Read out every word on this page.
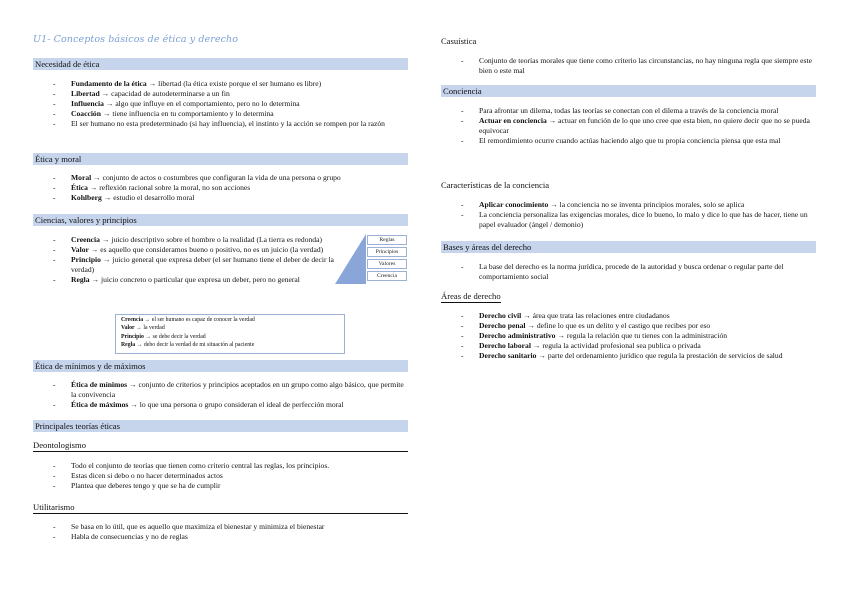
U1- Conceptos básicos de ética y derecho
Necesidad de ética
- Fundamento de la ética → libertad (la ética existe porque el ser humano es libre)
- Libertad → capacidad de autodeterminarse a un fin
- Influencia → algo que influye en el comportamiento, pero no lo determina
- Coacción → tiene influencia en tu comportamiento y lo determina
- El ser humano no esta predeterminado (si hay influencia), el instinto y la acción se rompen por la razón
Ética y moral
- Moral → conjunto de actos o costumbres que configuran la vida de una persona o grupo
- Ética → reflexión racional sobre la moral, no son acciones
- Kohlberg → estudio el desarrollo moral
Ciencias, valores y principios
- Creencia → juicio descriptivo sobre el hombre o la realidad (La tierra es redonda)
- Valor → es aquello que consideramos bueno o positivo, no es un juicio (la verdad)
- Principio → juicio general que expresa deber (el ser humano tiene el deber de decir la verdad)
- Regla → juicio concreto o particular que expresa un deber, pero no general
Reglas
Principios
Valores
Creencia
Creencia → el ser humano es capaz de conocer la verdad
Valor → la verdad
Principio → se debe decir la verdad
Regla → debo decir la verdad de mi situación al paciente
Ética de mínimos y de máximos
- Ética de mínimos → conjunto de criterios y principios aceptados en un grupo como algo básico, que permite la convivencia
- Ética de máximos → lo que una persona o grupo consideran el ideal de perfección moral
Principales teorías éticas
Deontologismo
- Todo el conjunto de teorías que tienen como criterio central las reglas, los principios.
- Estas dicen si debo o no hacer determinados actos
- Plantea que deberes tengo y que se ha de cumplir
Utilitarismo
- Se basa en lo útil, que es aquello que maximiza el bienestar y minimiza el bienestar
- Habla de consecuencias y no de reglas
Casuística
- Conjunto de teorías morales que tiene como criterio las circunstancias, no hay ninguna regla que siempre este bien o este mal
Conciencia
- Para afrontar un dilema, todas las teorías se conectan con el dilema a través de la conciencia moral
- Actuar en conciencia → actuar en función de lo que uno cree que esta bien, no quiere decir que no se pueda equivocar
- El remordimiento ocurre cuando actúas haciendo algo que tu propia conciencia piensa que esta mal
Características de la conciencia
- Aplicar conocimiento → la conciencia no se inventa principios morales, solo se aplica
- La conciencia personaliza las exigencias morales, dice lo bueno, lo malo y dice lo que has de hacer, tiene un papel evaluador (ángel / demonio)
Bases y áreas del derecho
- La base del derecho es la norma jurídica, procede de la autoridad y busca ordenar o regular parte del comportamiento social
Áreas de derecho
- Derecho civil → área que trata las relaciones entre ciudadanos
- Derecho penal → define lo que es un delito y el castigo que recibes por eso
- Derecho administrativo → regula la relación que tu tienes con la administración
- Derecho laboral → regula la actividad profesional sea publica o privada
- Derecho sanitario → parte del ordenamiento jurídico que regula la prestación de servicios de salud
